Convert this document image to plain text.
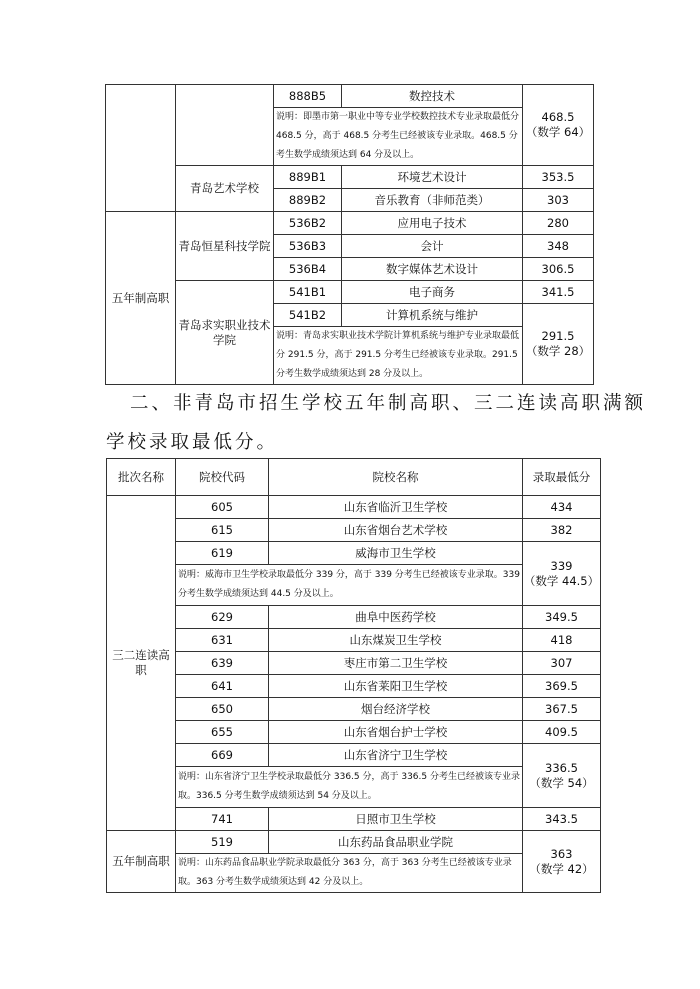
		888B5	数控技术	468.5
（数学 64）
		说明：即墨市第一职业中等专业学校数控技术专业录取最低分 468.5 分，高于 468.5 分考生已经被该专业录取。468.5 分考生数学成绩须达到 64 分及以上。		
	青岛艺术学校	889B1	环境艺术设计	353.5
		889B2	音乐教育（非师范类）	303
五年制高职	青岛恒星科技学院	536B2	应用电子技术	280
		536B3	会计	348
		536B4	数字媒体艺术设计	306.5
	青岛求实职业技术学院	541B1	电子商务	341.5
		541B2	计算机系统与维护	291.5
（数学 28）
		说明：青岛求实职业技术学院计算机系统与维护专业录取最低分 291.5 分，高于 291.5 分考生已经被该专业录取。291.5 分考生数学成绩须达到 28 分及以上。		
二、非青岛市招生学校五年制高职、三二连读高职满额
学校录取最低分。
批次名称	院校代码	院校名称	录取最低分
三二连读高职	605	山东省临沂卫生学校	434
	615	山东省烟台艺术学校	382
	619	威海市卫生学校	339
（数学 44.5）
	说明：威海市卫生学校录取最低分 339 分，高于 339 分考生已经被该专业录取。339 分考生数学成绩须达到 44.5 分及以上。		
	629	曲阜中医药学校	349.5
	631	山东煤炭卫生学校	418
	639	枣庄市第二卫生学校	307
	641	山东省莱阳卫生学校	369.5
	650	烟台经济学校	367.5
	655	山东省烟台护士学校	409.5
	669	山东省济宁卫生学校	336.5
（数学 54）
	说明：山东省济宁卫生学校录取最低分 336.5 分，高于 336.5 分考生已经被该专业录取。336.5 分考生数学成绩须达到 54 分及以上。		
	741	日照市卫生学校	343.5
五年制高职	519	山东药品食品职业学院	363
（数学 42）
	说明：山东药品食品职业学院录取最低分 363 分，高于 363 分考生已经被该专业录取。363 分考生数学成绩须达到 42 分及以上。		
